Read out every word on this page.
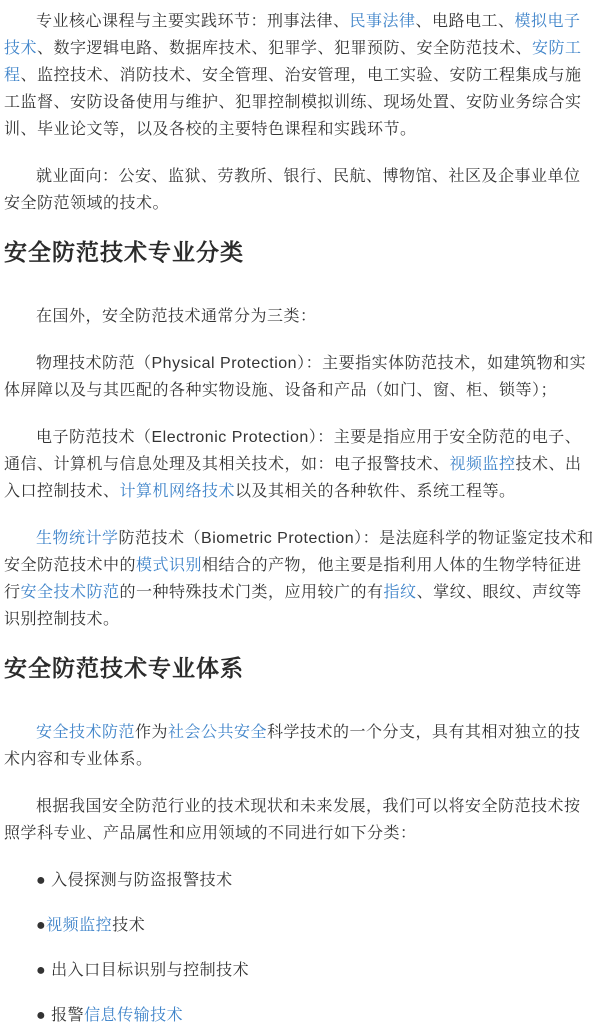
专业核心课程与主要实践环节：刑事法律、民事法律、电路电工、模拟电子技术、数字逻辑电路、数据库技术、犯罪学、犯罪预防、安全防范技术、安防工程、监控技术、消防技术、安全管理、治安管理，电工实验、安防工程集成与施工监督、安防设备使用与维护、犯罪控制模拟训练、现场处置、安防业务综合实训、毕业论文等，以及各校的主要特色课程和实践环节。

就业面向：公安、监狱、劳教所、银行、民航、博物馆、社区及企事业单位安全防范领域的技术。

安全防范技术专业分类

在国外，安全防范技术通常分为三类：

物理技术防范（Physical Protection）：主要指实体防范技术，如建筑物和实体屏障以及与其匹配的各种实物设施、设备和产品（如门、窗、柜、锁等）；

电子防范技术（Electronic Protection）：主要是指应用于安全防范的电子、通信、计算机与信息处理及其相关技术，如：电子报警技术、视频监控技术、出入口控制技术、计算机网络技术以及其相关的各种软件、系统工程等。

生物统计学防范技术（Biometric Protection）：是法庭科学的物证鉴定技术和安全防范技术中的模式识别相结合的产物，他主要是指利用人体的生物学特征进行安全技术防范的一种特殊技术门类，应用较广的有指纹、掌纹、眼纹、声纹等识别控制技术。

安全防范技术专业体系

安全技术防范作为社会公共安全科学技术的一个分支，具有其相对独立的技术内容和专业体系。

根据我国安全防范行业的技术现状和未来发展，我们可以将安全防范技术按照学科专业、产品属性和应用领域的不同进行如下分类：

● 入侵探测与防盗报警技术
●视频监控技术
● 出入口目标识别与控制技术
● 报警信息传输技术
